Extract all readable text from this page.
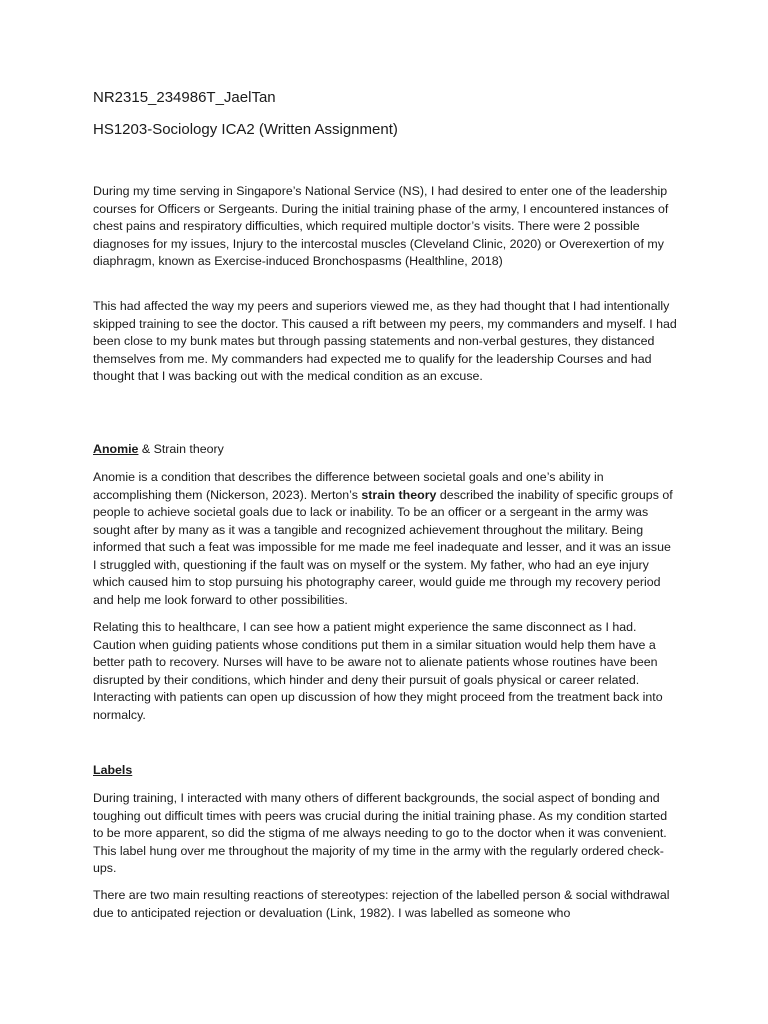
NR2315_234986T_JaelTan
HS1203-Sociology ICA2 (Written Assignment)

During my time serving in Singapore’s National Service (NS), I had desired to enter one of the leadership courses for Officers or Sergeants. During the initial training phase of the army, I encountered instances of chest pains and respiratory difficulties, which required multiple doctor’s visits. There were 2 possible diagnoses for my issues, Injury to the intercostal muscles (Cleveland Clinic, 2020) or Overexertion of my diaphragm, known as Exercise-induced Bronchospasms (Healthline, 2018)

This had affected the way my peers and superiors viewed me, as they had thought that I had intentionally skipped training to see the doctor. This caused a rift between my peers, my commanders and myself. I had been close to my bunk mates but through passing statements and non-verbal gestures, they distanced themselves from me. My commanders had expected me to qualify for the leadership Courses and had thought that I was backing out with the medical condition as an excuse.

Anomie & Strain theory

Anomie is a condition that describes the difference between societal goals and one’s ability in accomplishing them (Nickerson, 2023). Merton’s strain theory described the inability of specific groups of people to achieve societal goals due to lack or inability. To be an officer or a sergeant in the army was sought after by many as it was a tangible and recognized achievement throughout the military. Being informed that such a feat was impossible for me made me feel inadequate and lesser, and it was an issue I struggled with, questioning if the fault was on myself or the system. My father, who had an eye injury which caused him to stop pursuing his photography career, would guide me through my recovery period and help me look forward to other possibilities.

Relating this to healthcare, I can see how a patient might experience the same disconnect as I had. Caution when guiding patients whose conditions put them in a similar situation would help them have a better path to recovery. Nurses will have to be aware not to alienate patients whose routines have been disrupted by their conditions, which hinder and deny their pursuit of goals physical or career related. Interacting with patients can open up discussion of how they might proceed from the treatment back into normalcy.

Labels

During training, I interacted with many others of different backgrounds, the social aspect of bonding and toughing out difficult times with peers was crucial during the initial training phase. As my condition started to be more apparent, so did the stigma of me always needing to go to the doctor when it was convenient. This label hung over me throughout the majority of my time in the army with the regularly ordered check-ups.

There are two main resulting reactions of stereotypes: rejection of the labelled person & social withdrawal due to anticipated rejection or devaluation (Link, 1982). I was labelled as someone who
